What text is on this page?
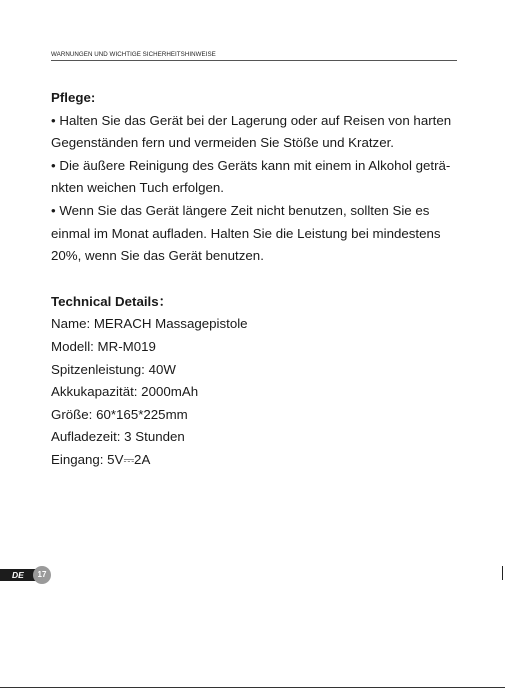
WARNUNGEN UND WICHTIGE SICHERHEITSHINWEISE
Pflege:

• Halten Sie das Gerät bei der Lagerung oder auf Reisen von harten

Gegenständen fern und vermeiden Sie Stöße und Kratzer.

• Die äußere Reinigung des Geräts kann mit einem in Alkohol geträ-

nkten weichen Tuch erfolgen.

• Wenn Sie das Gerät längere Zeit nicht benutzen, sollten Sie es

einmal im Monat aufladen. Halten Sie die Leistung bei mindestens

20%, wenn Sie das Gerät benutzen.

Technical Details：

Name: MERACH Massagepistole

Modell: MR-M019

Spitzenleistung: 40W

Akkukapazität: 2000mAh

Größe: 60*165*225mm

Aufladezeit: 3 Stunden

Eingang: 5V⎓2A

DE	17
